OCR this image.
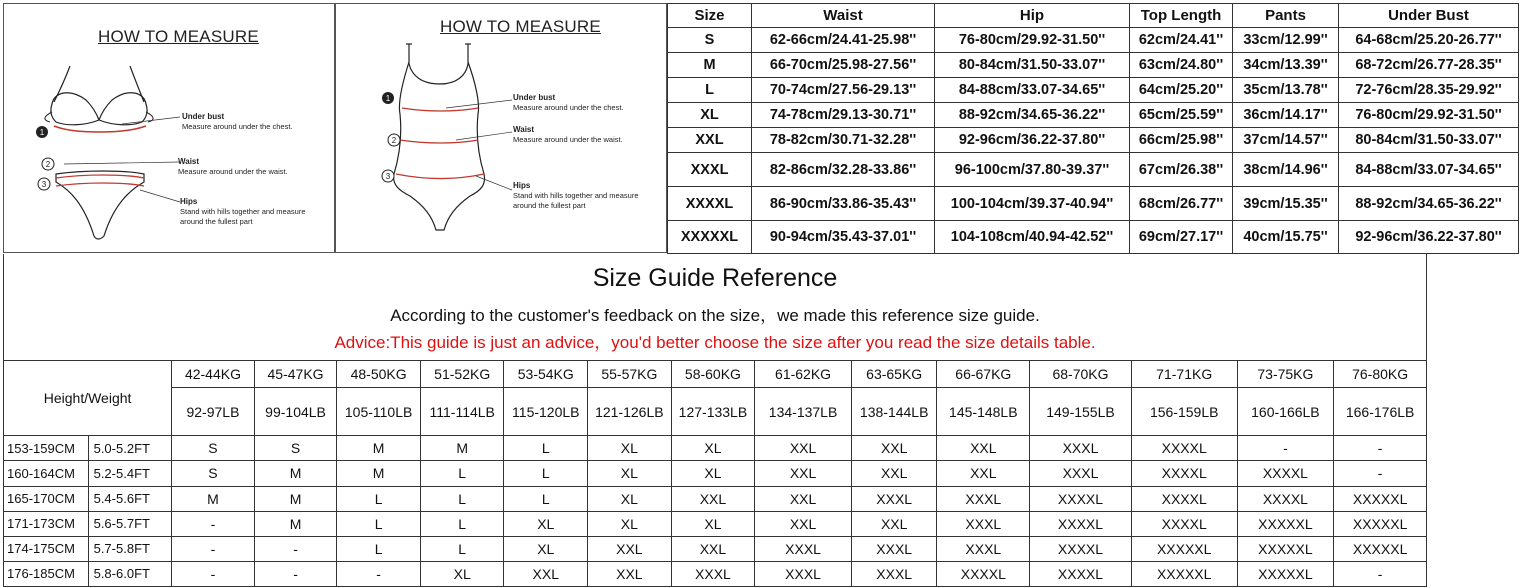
HOW TO MEASURE
1
2
3
Under bust
Measure around under the chest.
Waist
Measure around under the waist.
Hips
Stand with hills together and measure
around the fullest part
HOW TO MEASURE
1
2
3
Under bust
Measure around under the chest.
Waist
Measure around under the waist.
Hips
Stand with hills together and measure
around the fullest part
Size	Waist	Hip	Top Length	Pants	Under Bust
S	62-66cm/24.41-25.98''	76-80cm/29.92-31.50''	62cm/24.41''	33cm/12.99''	64-68cm/25.20-26.77''
M	66-70cm/25.98-27.56''	80-84cm/31.50-33.07''	63cm/24.80''	34cm/13.39''	68-72cm/26.77-28.35''
L	70-74cm/27.56-29.13''	84-88cm/33.07-34.65''	64cm/25.20''	35cm/13.78''	72-76cm/28.35-29.92''
XL	74-78cm/29.13-30.71''	88-92cm/34.65-36.22''	65cm/25.59''	36cm/14.17''	76-80cm/29.92-31.50''
XXL	78-82cm/30.71-32.28''	92-96cm/36.22-37.80''	66cm/25.98''	37cm/14.57''	80-84cm/31.50-33.07''
XXXL	82-86cm/32.28-33.86''	96-100cm/37.80-39.37''	67cm/26.38''	38cm/14.96''	84-88cm/33.07-34.65''
XXXXL	86-90cm/33.86-35.43''	100-104cm/39.37-40.94''	68cm/26.77''	39cm/15.35''	88-92cm/34.65-36.22''
XXXXXL	90-94cm/35.43-37.01''	104-108cm/40.94-42.52''	69cm/27.17''	40cm/15.75''	92-96cm/36.22-37.80''
Size Guide Reference
According to the customer's feedback on the size，we made this reference size guide.
Advice:This guide is just an advice，you'd better choose the size after you read the size details table.
Height/Weight		42-44KG	45-47KG	48-50KG	51-52KG	53-54KG	55-57KG	58-60KG	61-62KG	63-65KG	66-67KG	68-70KG	71-71KG	73-75KG	76-80KG
		92-97LB	99-104LB	105-110LB	111-114LB	115-120LB	121-126LB	127-133LB	134-137LB	138-144LB	145-148LB	149-155LB	156-159LB	160-166LB	166-176LB
153-159CM	5.0-5.2FT	S	S	M	M	L	XL	XL	XXL	XXL	XXL	XXXL	XXXXL	-	-
160-164CM	5.2-5.4FT	S	M	M	L	L	XL	XL	XXL	XXL	XXL	XXXL	XXXXL	XXXXL	-
165-170CM	5.4-5.6FT	M	M	L	L	L	XL	XXL	XXL	XXXL	XXXL	XXXXL	XXXXL	XXXXL	XXXXXL
171-173CM	5.6-5.7FT	-	M	L	L	XL	XL	XL	XXL	XXL	XXXL	XXXXL	XXXXL	XXXXXL	XXXXXL
174-175CM	5.7-5.8FT	-	-	L	L	XL	XXL	XXL	XXXL	XXXL	XXXL	XXXXL	XXXXXL	XXXXXL	XXXXXL
176-185CM	5.8-6.0FT	-	-	-	XL	XXL	XXL	XXXL	XXXL	XXXL	XXXXL	XXXXL	XXXXXL	XXXXXL	-
